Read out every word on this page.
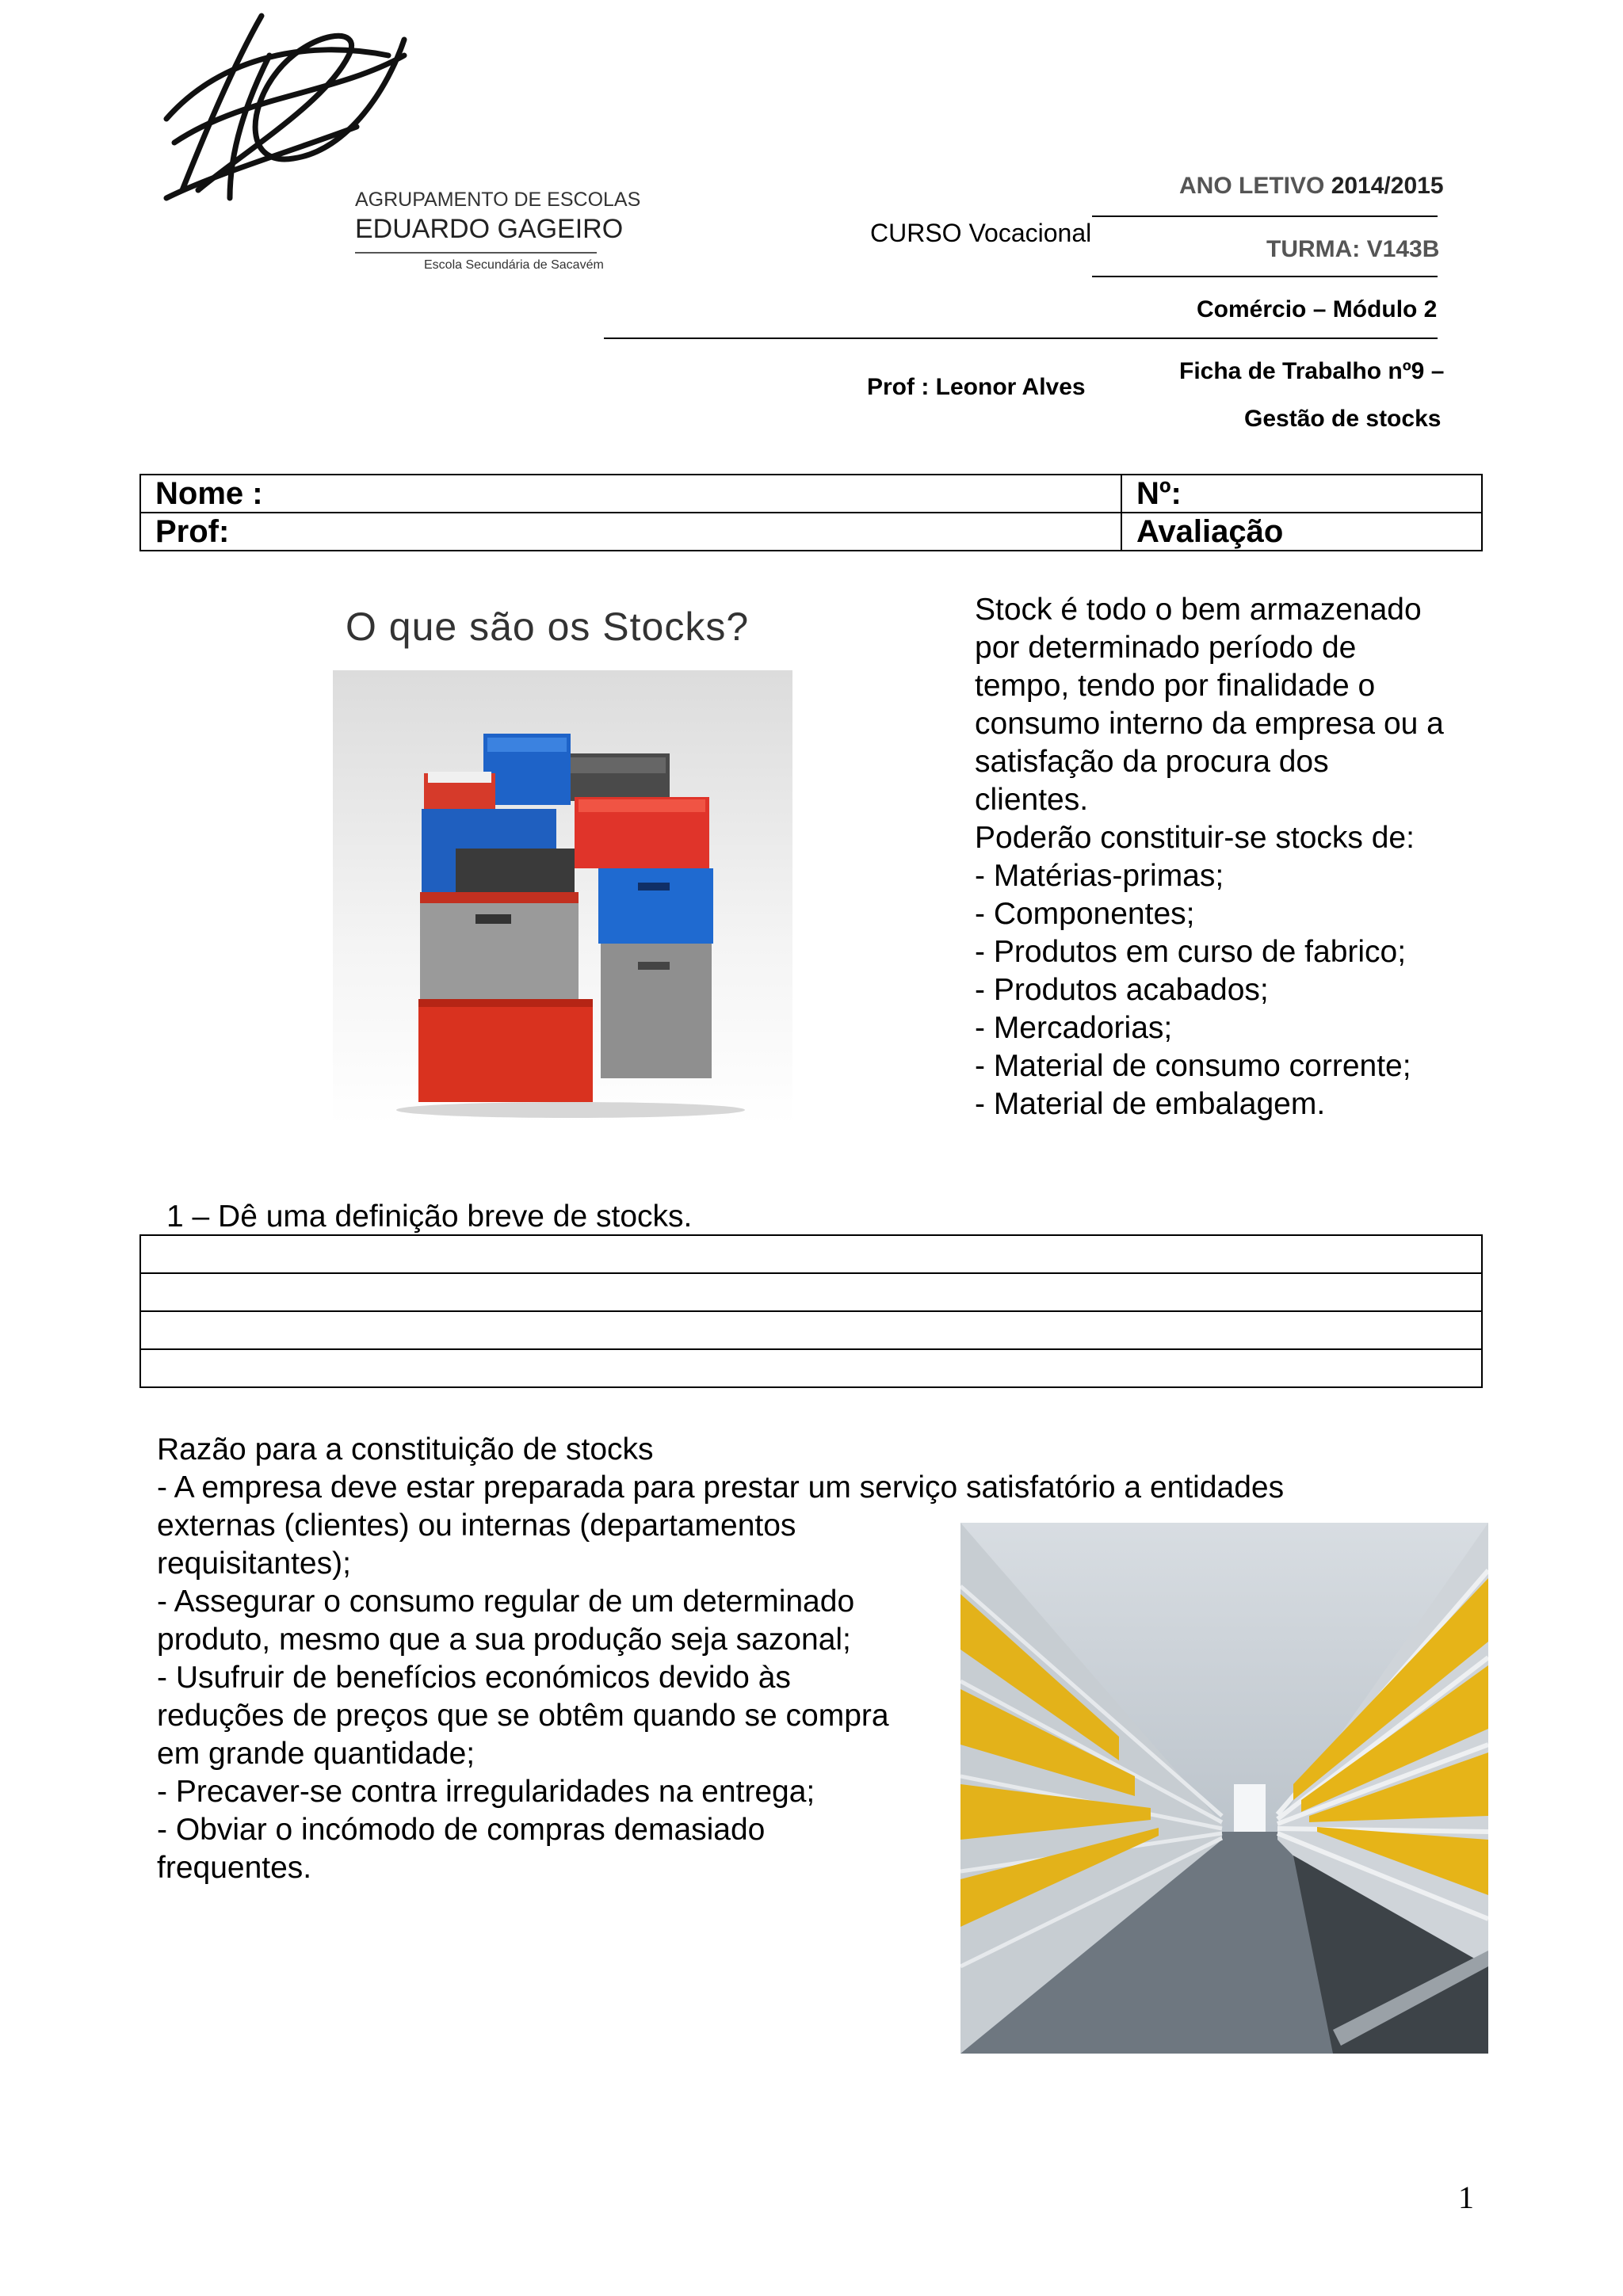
AGRUPAMENTO DE ESCOLAS
EDUARDO GAGEIRO
Escola Secundária de Sacavém
ANO LETIVO 2014/2015
CURSO Vocacional
TURMA: V143B
Comércio – Módulo 2
Ficha de Trabalho nº9 –
Prof : Leonor Alves
Gestão de stocks
Nome :	Nº:
Prof:	Avaliação
O que são os Stocks?	Stock é todo o bem armazenado
por determinado período de
tempo, tendo por finalidade o
consumo interno da empresa ou a
satisfação da procura dos
clientes.
Poderão constituir-se stocks de:
- Matérias-primas;
- Componentes;
- Produtos em curso de fabrico;
- Produtos acabados;
- Mercadorias;
- Material de consumo corrente;
- Material de embalagem.
1 – Dê uma definição breve de stocks.
Razão para a constituição de stocks
- A empresa deve estar preparada para prestar um serviço satisfatório a entidades
externas (clientes) ou internas (departamentos
requisitantes);
- Assegurar o consumo regular de um determinado
produto, mesmo que a sua produção seja sazonal;
- Usufruir de benefícios económicos devido às
reduções de preços que se obtêm quando se compra
em grande quantidade;
- Precaver-se contra irregularidades na entrega;
- Obviar o incómodo de compras demasiado
frequentes.
1
